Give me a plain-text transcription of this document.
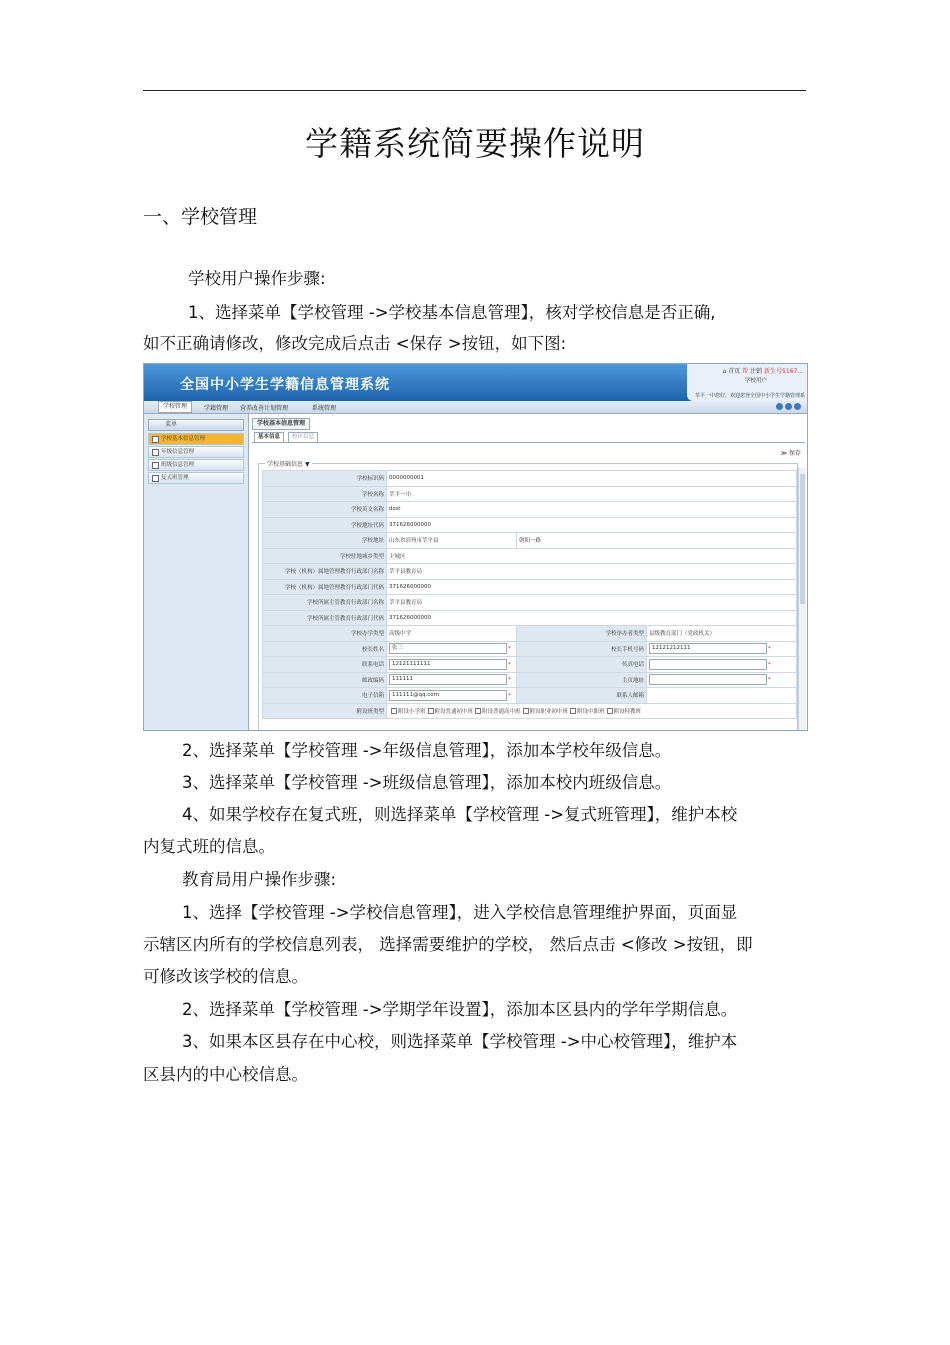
学籍系统简要操作说明
一、学校管理
学校用户操作步骤:
1、选择菜单【学校管理 ->学校基本信息管理】，核对学校信息是否正确,
如不正确请修改，修改完成后点击 <保存 >按钮，如下图:
全国中小学生学籍信息管理系统
⌂ 首页 帮 注销 新生号5167...
学校用户
莘平一中您好，欢迎您登全国中小学生学籍管理系
学校管理	学籍管理 营养改善计划管理	系统管理
菜单
学校基本信息管理
年级信息管理
班级信息管理
复式班管理
学校基本信息管理
基本信息	校区信息
≫ 保存
学校基础信息 ▼
学校标识码	0000000001		
学校名称	莘平一中		
学校英文名称	dzst		
学校地址代码	371626000000		
学校地址	山东省滨州市莘平县	朝阳一路	
学校驻地城乡类型	主城区		
学校（机构）属地管理教育行政部门名称	莘平县教育局		
学校（机构）属地管理教育行政部门代码	371626000000		
学校所属主管教育行政部门名称	莘平县教育局		
学校所属主管教育行政部门代码	371626000000		
学校办学类型	高级中学	学校举办者类型	县级教育部门（党政机关）
校长姓名	张三 *	校长手机号码	12121212111 *
联系电话	12121111111 *	传真电话	*
邮政编码	111111 *	主页地址	*
电子信箱	111111@qq.com *	联系人邮箱	
附设班类型	附设小学班 附设普通初中班 附设普通高中班 附设职业初中班 附设中职班 附设特教班		
2、选择菜单【学校管理 ->年级信息管理】，添加本学校年级信息。
3、选择菜单【学校管理 ->班级信息管理】，添加本校内班级信息。
4、如果学校存在复式班，则选择菜单【学校管理 ->复式班管理】，维护本校
内复式班的信息。
教育局用户操作步骤:
1、选择【学校管理 ->学校信息管理】，进入学校信息管理维护界面，页面显
示辖区内所有的学校信息列表， 选择需要维护的学校， 然后点击 <修改 >按钮，即
可修改该学校的信息。
2、选择菜单【学校管理 ->学期学年设置】，添加本区县内的学年学期信息。
3、如果本区县存在中心校，则选择菜单【学校管理 ->中心校管理】，维护本
区县内的中心校信息。
